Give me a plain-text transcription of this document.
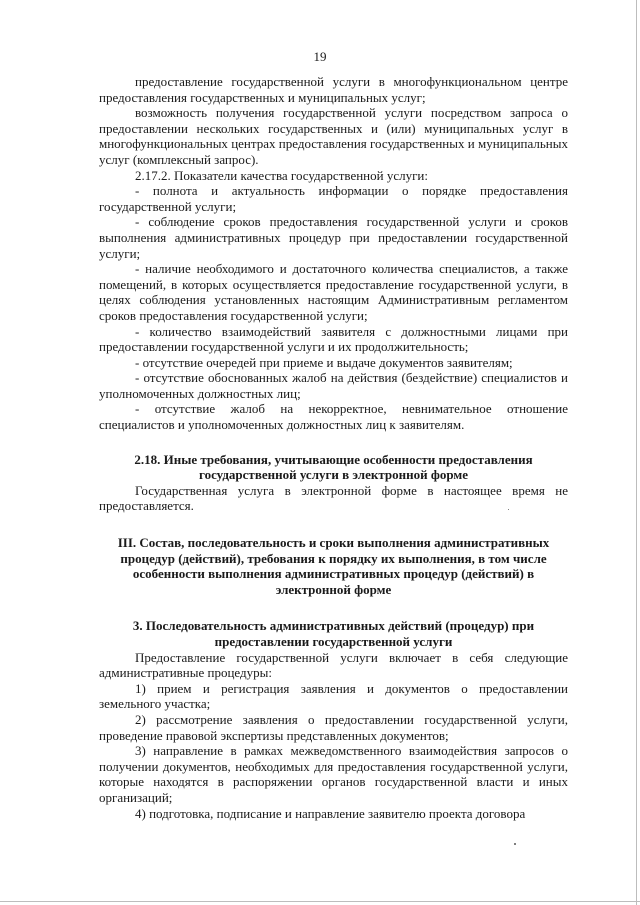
19

предоставление государственной услуги в многофункциональном центре предоставления государственных и муниципальных услуг;

возможность получения государственной услуги посредством запроса о предоставлении нескольких государственных и (или) муниципальных услуг в многофункциональных центрах предоставления государственных и муниципальных услуг (комплексный запрос).

2.17.2. Показатели качества государственной услуги:

- полнота и актуальность информации о порядке предоставления государственной услуги;

- соблюдение сроков предоставления государственной услуги и сроков выполнения административных процедур при предоставлении государственной услуги;

- наличие необходимого и достаточного количества специалистов, а также помещений, в которых осуществляется предоставление государственной услуги, в целях соблюдения установленных настоящим Административным регламентом сроков предоставления государственной услуги;

- количество взаимодействий заявителя с должностными лицами при предоставлении государственной услуги и их продолжительность;

- отсутствие очередей при приеме и выдаче документов заявителям;

- отсутствие обоснованных жалоб на действия (бездействие) специалистов и уполномоченных должностных лиц;

- отсутствие жалоб на некорректное, невнимательное отношение специалистов и уполномоченных должностных лиц к заявителям.

2.18. Иные требования, учитывающие особенности предоставления государственной услуги в электронной форме

Государственная услуга в электронной форме в настоящее время не предоставляется.

III. Состав, последовательность и сроки выполнения административных процедур (действий), требования к порядку их выполнения, в том числе особенности выполнения административных процедур (действий) в электронной форме
3. Последовательность административных действий (процедур) при предоставлении государственной услуги

Предоставление государственной услуги включает в себя следующие административные процедуры:

1) прием и регистрация заявления и документов о предоставлении земельного участка;

2) рассмотрение заявления о предоставлении государственной услуги, проведение правовой экспертизы представленных документов;

3) направление в рамках межведомственного взаимодействия запросов о получении документов, необходимых для предоставления государственной услуги, которые находятся в распоряжении органов государственной власти и иных организаций;

4) подготовка, подписание и направление заявителю проекта договора
